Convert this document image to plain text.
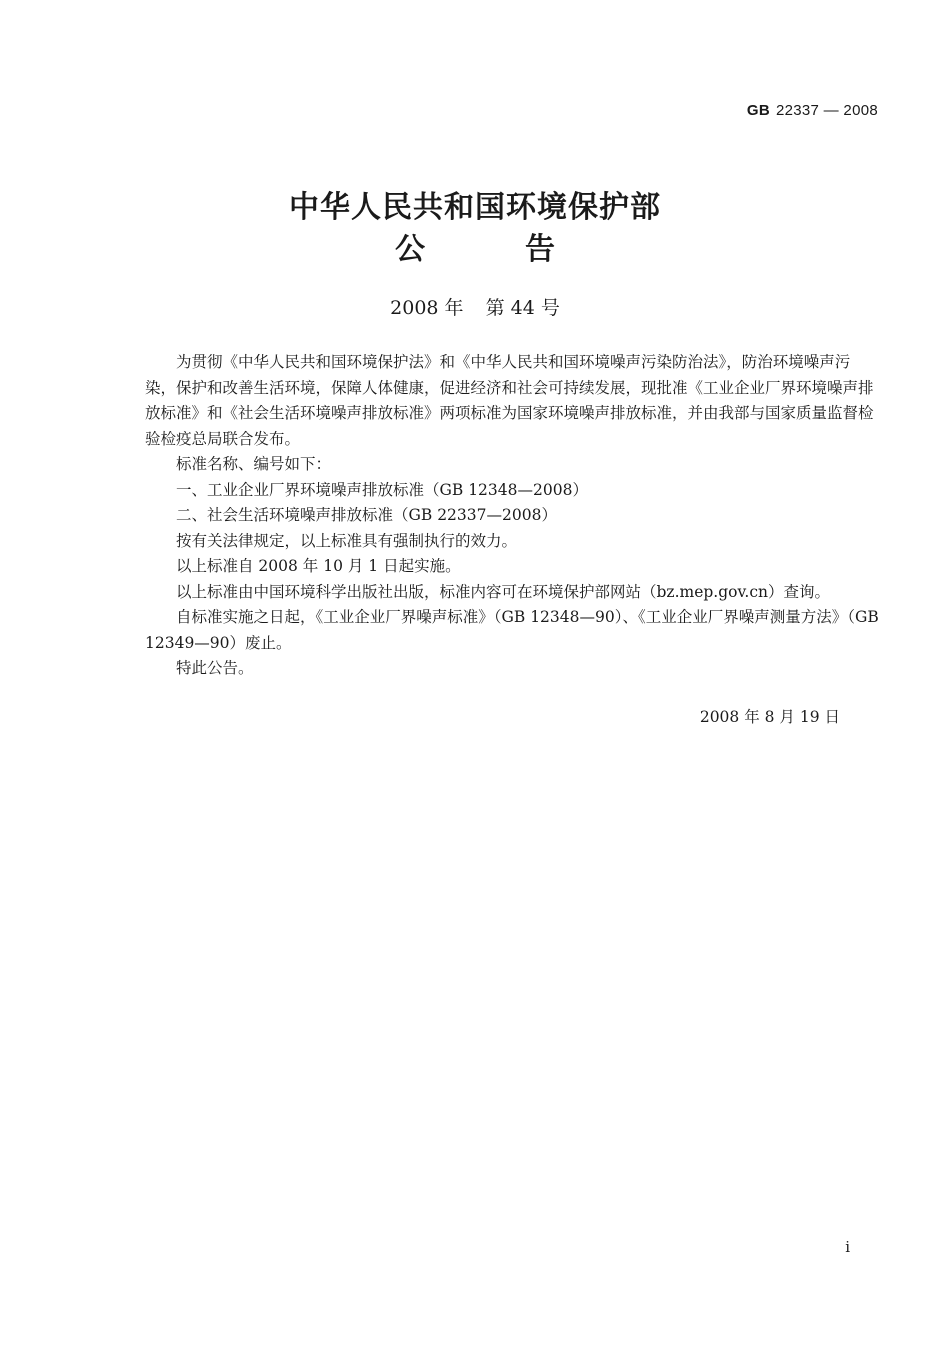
GB 22337 — 2008
中华人民共和国环境保护部
公	告
2008 年 第 44 号

为贯彻《中华人民共和国环境保护法》和《中华人民共和国环境噪声污染防治法》，防治环境噪声污染，保护和改善生活环境，保障人体健康，促进经济和社会可持续发展，现批准《工业企业厂界环境噪声排放标准》和《社会生活环境噪声排放标准》两项标准为国家环境噪声排放标准，并由我部与国家质量监督检验检疫总局联合发布。

标准名称、编号如下：

一、工业企业厂界环境噪声排放标准（GB 12348—2008）

二、社会生活环境噪声排放标准（GB 22337—2008）

按有关法律规定，以上标准具有强制执行的效力。

以上标准自 2008 年 10 月 1 日起实施。

以上标准由中国环境科学出版社出版，标准内容可在环境保护部网站（bz.mep.gov.cn）查询。

自标准实施之日起，《工业企业厂界噪声标准》（GB 12348—90）、《工业企业厂界噪声测量方法》（GB 12349—90）废止。

特此公告。

2008 年 8 月 19 日
i
